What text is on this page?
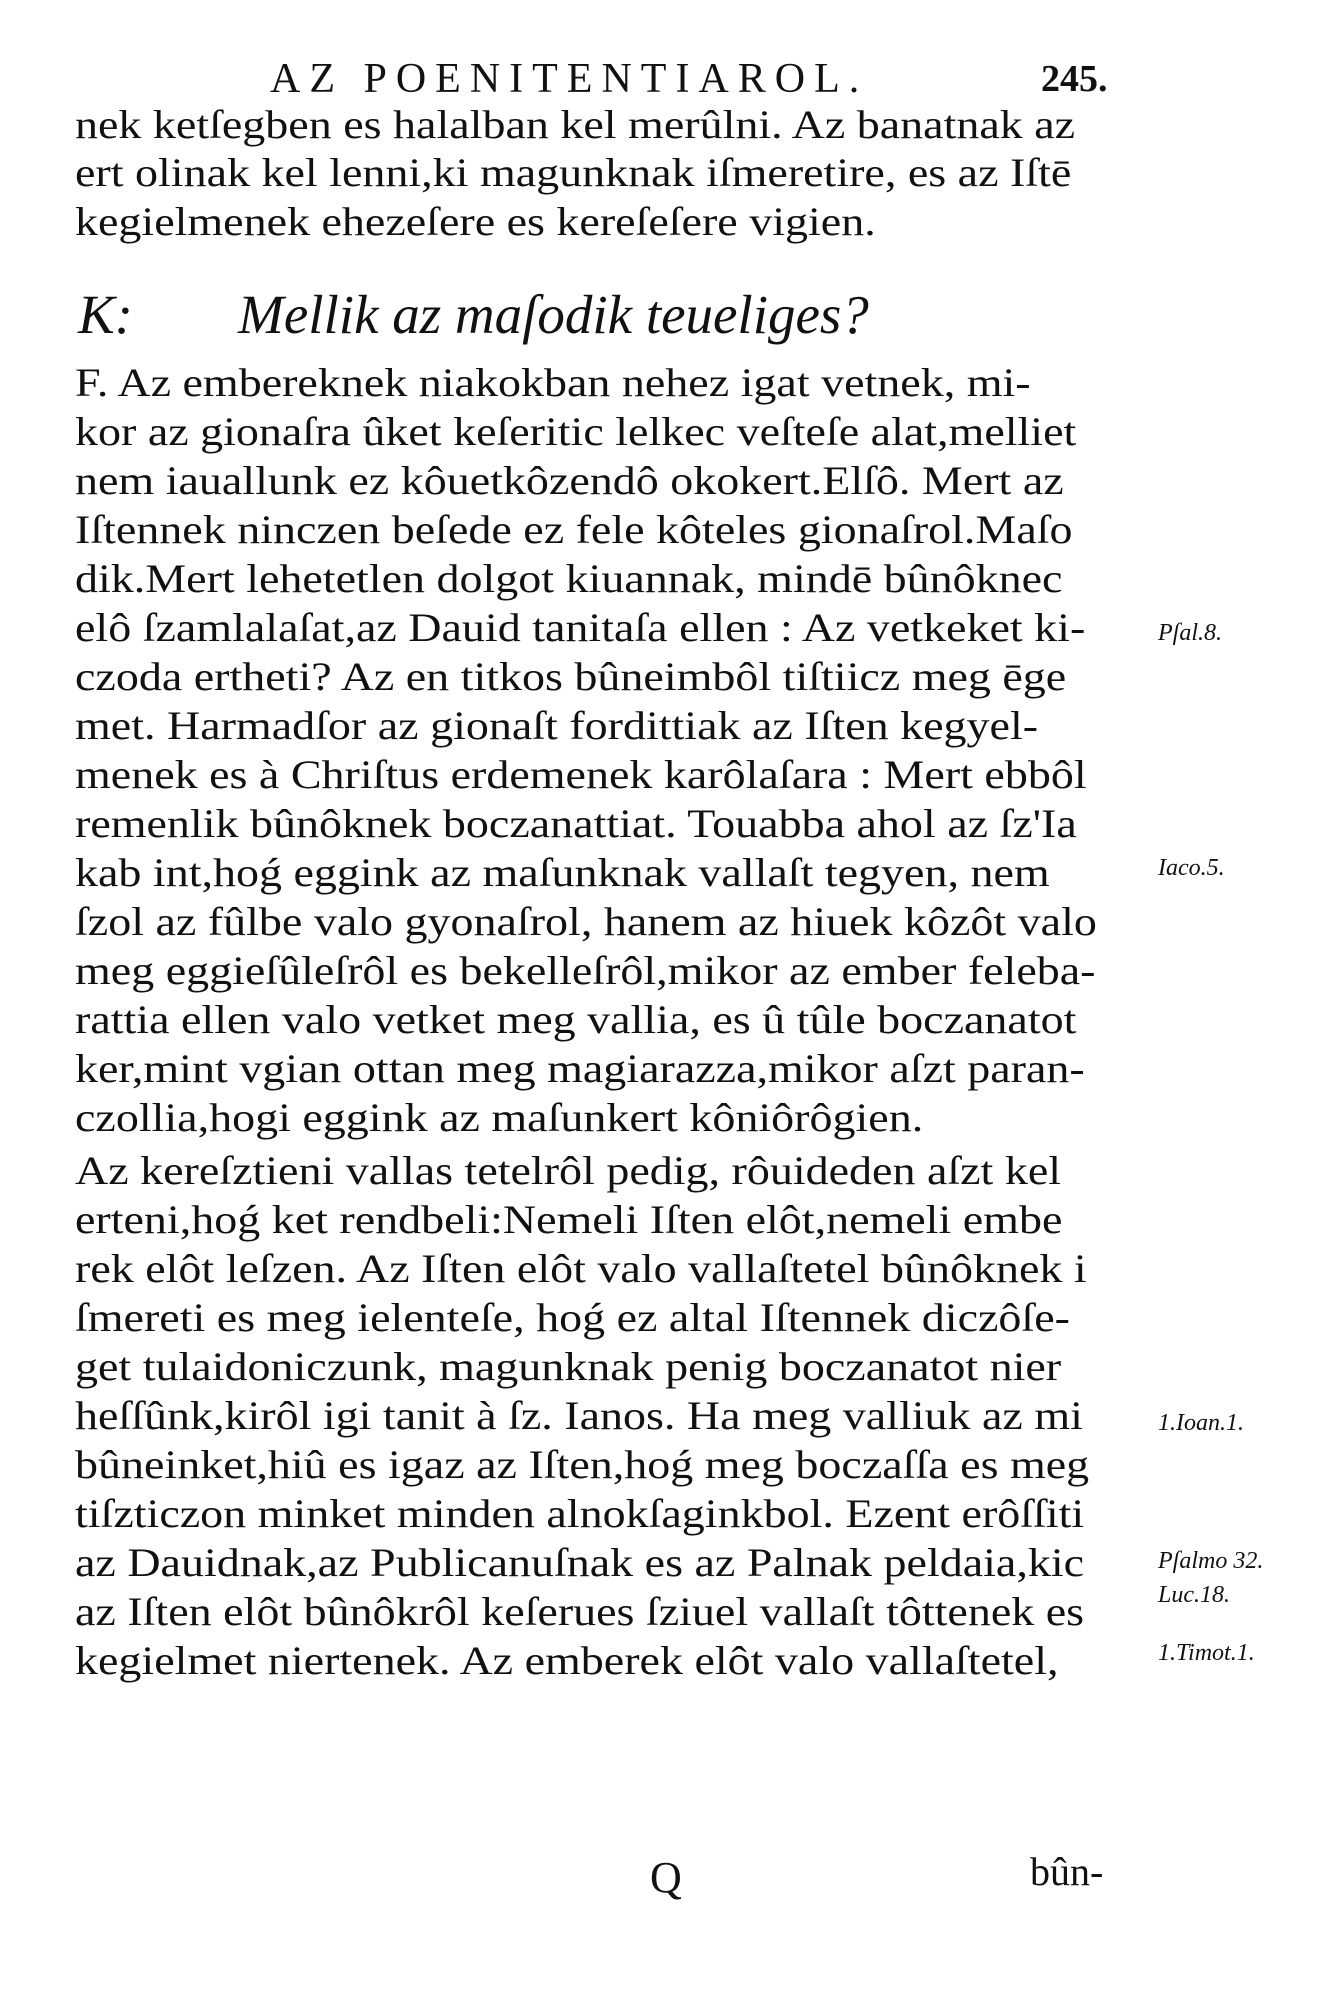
AZ POENITENTIAROL.	245.
nek ketſegben es halalban kel merûlni. Az banatnak az
ert olinak kel lenni,ki magunknak iſmeretire, es az Iſtē
kegielmenek ehezeſere es kereſeſere vigien.
K: Mellik az maſodik teueliges?
F. Az embereknek niakokban nehez igat vetnek, mi-
kor az gionaſra ûket keſeritic lelkec veſteſe alat,melliet
nem iauallunk ez kôuetkôzendô okokert.Elſô. Mert az
Iſtennek ninczen beſede ez fele kôteles gionaſrol.Maſo
dik.Mert lehetetlen dolgot kiuannak, mindē bûnôknec
elô ſzamlalaſat,az Dauid tanitaſa ellen : Az vetkeket ki-
czoda ertheti? Az en titkos bûneimbôl tiſtiicz meg ēge
met. Harmadſor az gionaſt fordittiak az Iſten kegyel-
menek es à Chriſtus erdemenek karôlaſara : Mert ebbôl
remenlik bûnôknek boczanattiat. Touabba ahol az ſz'Ia
kab int,hoǵ eggink az maſunknak vallaſt tegyen, nem
ſzol az fûlbe valo gyonaſrol, hanem az hiuek kôzôt valo
meg eggieſûleſrôl es bekelleſrôl,mikor az ember feleba-
rattia ellen valo vetket meg vallia, es û tûle boczanatot
ker,mint vgian ottan meg magiarazza,mikor aſzt paran-
czollia,hogi eggink az maſunkert kôniôrôgien.
Az kereſztieni vallas tetelrôl pedig, rôuideden aſzt kel
erteni,hoǵ ket rendbeli:Nemeli Iſten elôt,nemeli embe
rek elôt leſzen. Az Iſten elôt valo vallaſtetel bûnôknek i
ſmereti es meg ielenteſe, hoǵ ez altal Iſtennek diczôſe-
get tulaidoniczunk, magunknak penig boczanatot nier
heſſûnk,kirôl igi tanit à ſz. Ianos. Ha meg valliuk az mi
bûneinket,hiû es igaz az Iſten,hoǵ meg boczaſſa es meg
tiſzticzon minket minden alnokſaginkbol. Ezent erôſſiti
az Dauidnak,az Publicanuſnak es az Palnak peldaia,kic
az Iſten elôt bûnôkrôl keſerues ſziuel vallaſt tôttenek es
kegielmet niertenek. Az emberek elôt valo vallaſtetel,
Pſal.8.
Iaco.5.
1.Ioan.1.
Pſalmo 32.
Luc.18.
1.Timot.1.
Q	bûn-
